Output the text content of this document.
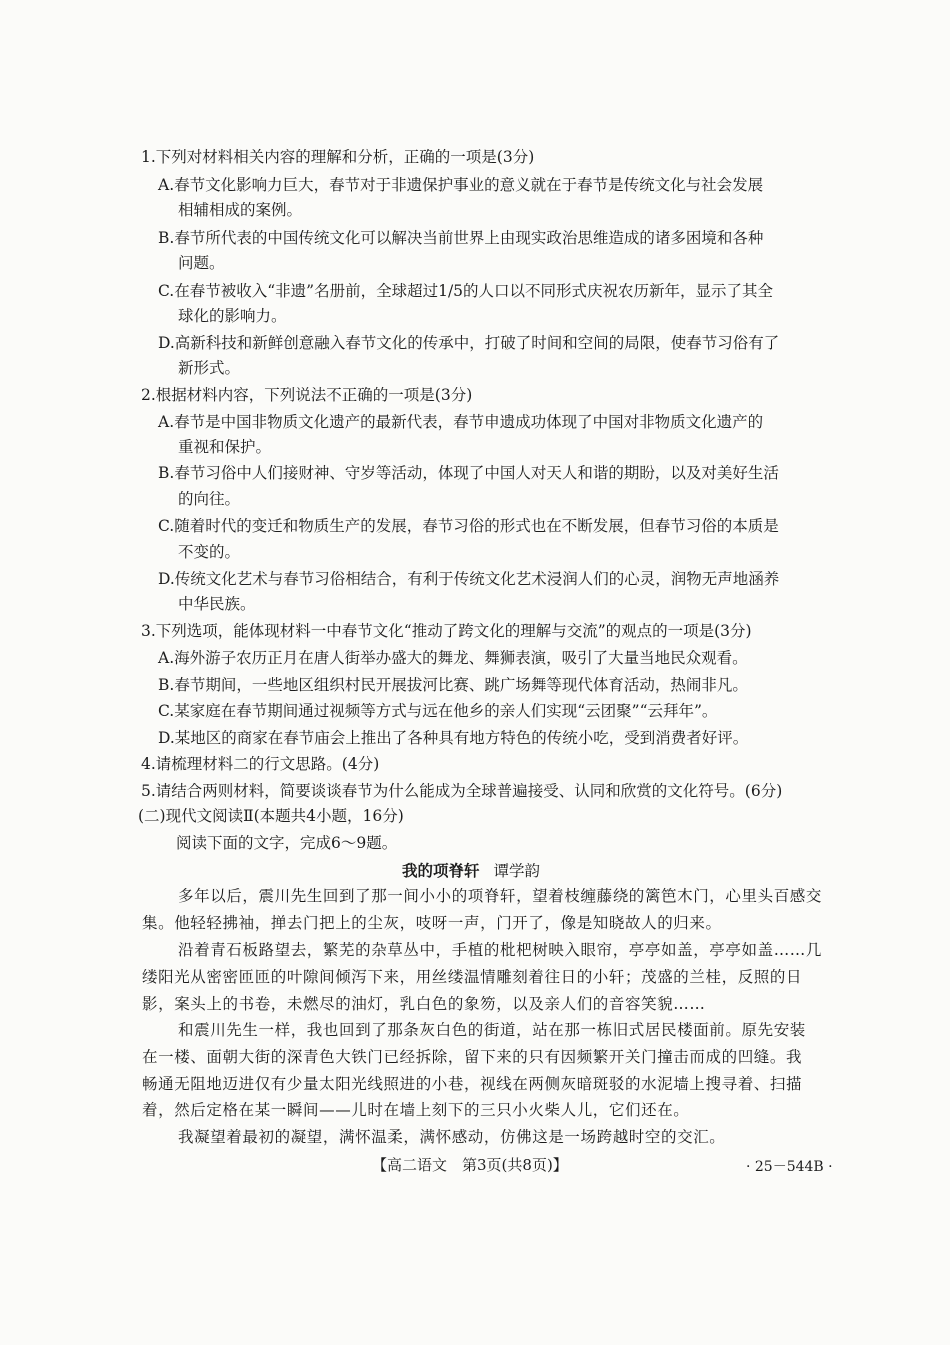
1.下列对材料相关内容的理解和分析，正确的一项是(3分)
A.春节文化影响力巨大，春节对于非遗保护事业的意义就在于春节是传统文化与社会发展
相辅相成的案例。
B.春节所代表的中国传统文化可以解决当前世界上由现实政治思维造成的诸多困境和各种
问题。
C.在春节被收入“非遗”名册前，全球超过1/5的人口以不同形式庆祝农历新年，显示了其全
球化的影响力。
D.高新科技和新鲜创意融入春节文化的传承中，打破了时间和空间的局限，使春节习俗有了
新形式。
2.根据材料内容，下列说法不正确的一项是(3分)
A.春节是中国非物质文化遗产的最新代表，春节申遗成功体现了中国对非物质文化遗产的
重视和保护。
B.春节习俗中人们接财神、守岁等活动，体现了中国人对天人和谐的期盼，以及对美好生活
的向往。
C.随着时代的变迁和物质生产的发展，春节习俗的形式也在不断发展，但春节习俗的本质是
不变的。
D.传统文化艺术与春节习俗相结合，有利于传统文化艺术浸润人们的心灵，润物无声地涵养
中华民族。
3.下列选项，能体现材料一中春节文化“推动了跨文化的理解与交流”的观点的一项是(3分)
A.海外游子农历正月在唐人街举办盛大的舞龙、舞狮表演，吸引了大量当地民众观看。
B.春节期间，一些地区组织村民开展拔河比赛、跳广场舞等现代体育活动，热闹非凡。
C.某家庭在春节期间通过视频等方式与远在他乡的亲人们实现“云团聚”“云拜年”。
D.某地区的商家在春节庙会上推出了各种具有地方特色的传统小吃，受到消费者好评。
4.请梳理材料二的行文思路。(4分)
5.请结合两则材料，简要谈谈春节为什么能成为全球普遍接受、认同和欣赏的文化符号。(6分)
(二)现代文阅读Ⅱ(本题共4小题，16分)
阅读下面的文字，完成6～9题。
我的项脊轩 谭学韵
多年以后，震川先生回到了那一间小小的项脊轩，望着枝缠藤绕的篱笆木门，心里头百感交
集。他轻轻拂袖，掸去门把上的尘灰，吱呀一声，门开了，像是知晓故人的归来。
沿着青石板路望去，繁芜的杂草丛中，手植的枇杷树映入眼帘，亭亭如盖，亭亭如盖……几
缕阳光从密密匝匝的叶隙间倾泻下来，用丝缕温情雕刻着往日的小轩；茂盛的兰桂，反照的日
影，案头上的书卷，未燃尽的油灯，乳白色的象笏，以及亲人们的音容笑貌……
和震川先生一样，我也回到了那条灰白色的街道，站在那一栋旧式居民楼面前。原先安装
在一楼、面朝大街的深青色大铁门已经拆除，留下来的只有因频繁开关门撞击而成的凹缝。我
畅通无阻地迈进仅有少量太阳光线照进的小巷，视线在两侧灰暗斑驳的水泥墙上搜寻着、扫描
着，然后定格在某一瞬间——儿时在墙上刻下的三只小火柴人儿，它们还在。
我凝望着最初的凝望，满怀温柔，满怀感动，仿佛这是一场跨越时空的交汇。
【高二语文　第3页(共8页)】	· 25－544B ·
